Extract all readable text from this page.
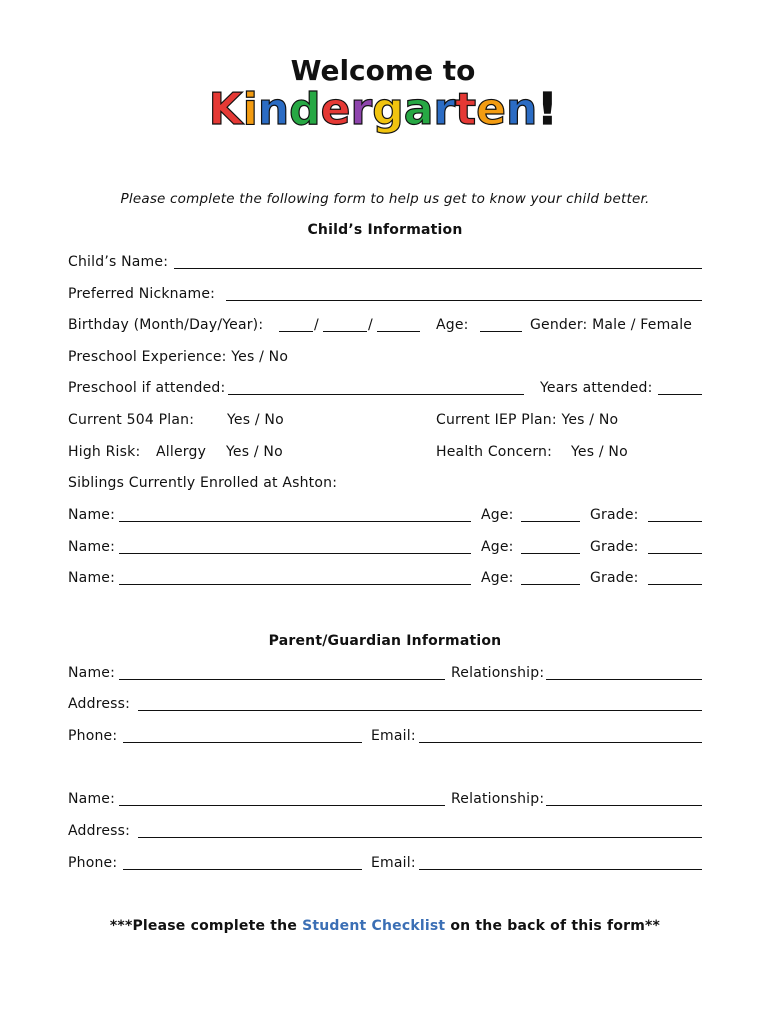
Welcome to
Kindergarten!
Please complete the following form to help us get to know your child better.
Child’s Information
Child’s Name:
Preferred Nickname:
Birthday (Month/Day/Year):	/	/	Age:	Gender: Male / Female
Preschool Experience: Yes / No
Preschool if attended:	Years attended:
Current 504 Plan: Yes / No	Current IEP Plan: Yes / No
High Risk: Allergy Yes / No	Health Concern: Yes / No
Siblings Currently Enrolled at Ashton:
Name:	Age:	Grade:
Name:	Age:	Grade:
Name:	Age:	Grade:
Parent/Guardian Information
Name:	Relationship:
Address:
Phone:	Email:
Name:	Relationship:
Address:
Phone:	Email:
***Please complete the Student Checklist on the back of this form**
